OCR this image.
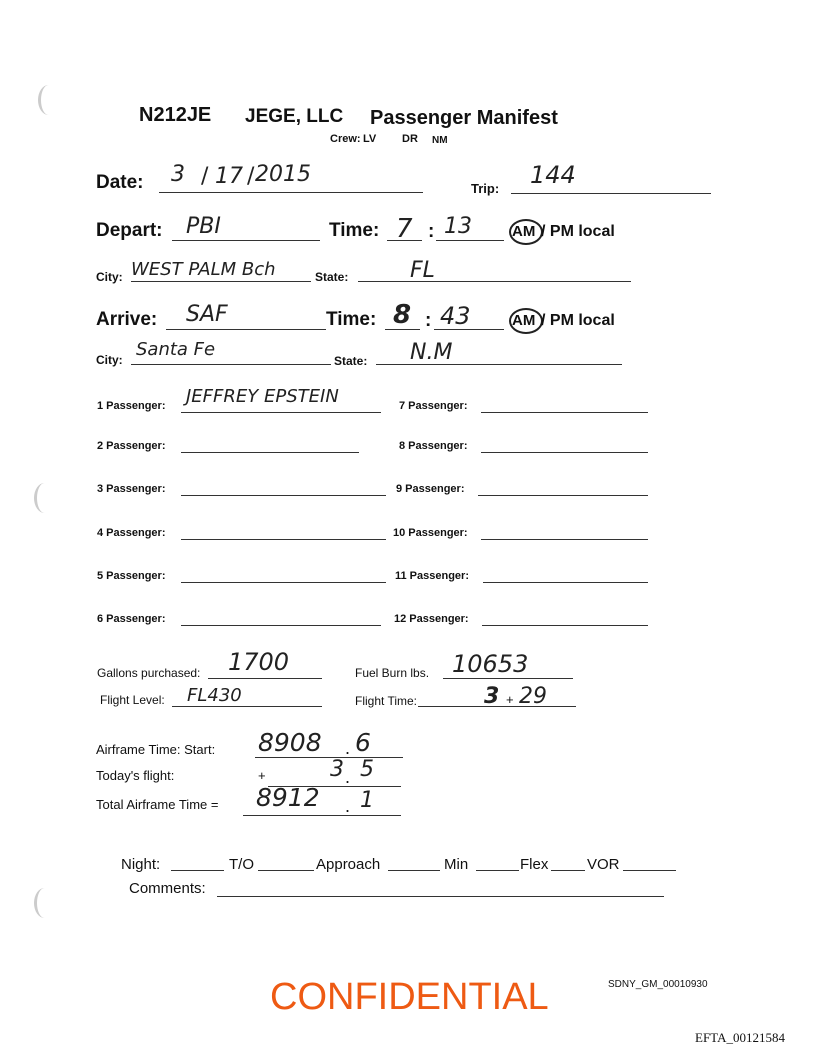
N212JE JEGE, LLC Passenger Manifest
Crew: LV DR NM
Date: 3 / 17 / 2015
Trip: 144
Depart: PBI	Time: 7 : 13	AM / PM local
City: WEST PALM Bch	State:	FL
Arrive: SAF	Time: 8 : 43	AM / PM local
City: Santa Fe
State: N.M
1 Passenger: JEFFREY EPSTEIN
2 Passenger:
3 Passenger:
4 Passenger:
5 Passenger:
6 Passenger:
7 Passenger:
8 Passenger:
9 Passenger:
10 Passenger:
11 Passenger:
12 Passenger:
Gallons purchased: 1700	Fuel Burn lbs. 10653
Flight Level: FL430	Flight Time:	3 + 29
Airframe Time: Start: 8908 . 6
Today's flight:	+	3 . 5
Total Airframe Time = 8912 . 1
Night:	T/O	Approach	Min	Flex	VOR
Comments:
CONFIDENTIAL	SDNY_GM_00010930
EFTA_00121584
